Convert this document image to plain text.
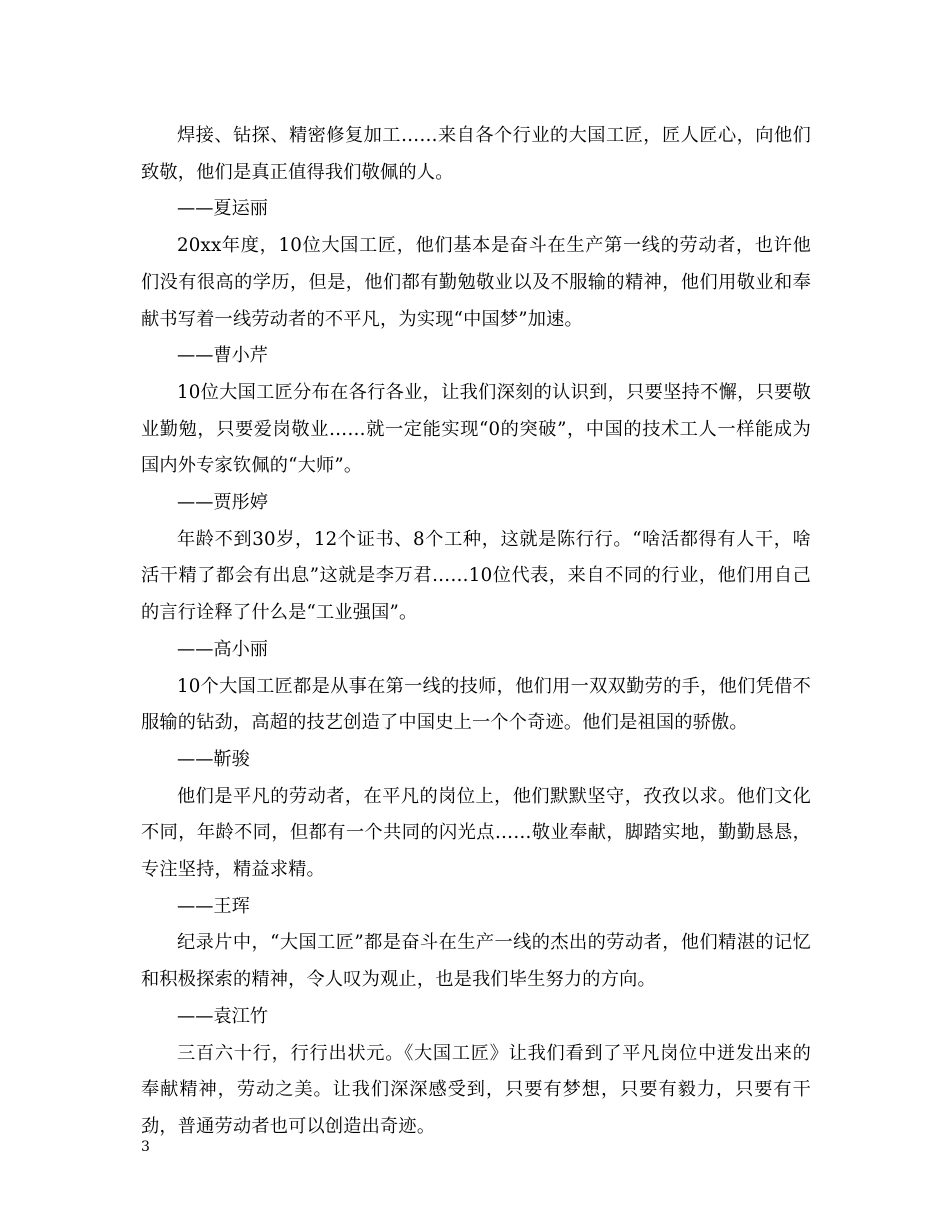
焊接、钻探、精密修复加工……来自各个行业的大国工匠，匠人匠心，向他们致敬，他们是真正值得我们敬佩的人。

——夏运丽

20xx年度，10位大国工匠，他们基本是奋斗在生产第一线的劳动者，也许他们没有很高的学历，但是，他们都有勤勉敬业以及不服输的精神，他们用敬业和奉献书写着一线劳动者的不平凡，为实现“中国梦”加速。

——曹小芹

10位大国工匠分布在各行各业，让我们深刻的认识到，只要坚持不懈，只要敬业勤勉，只要爱岗敬业……就一定能实现“0的突破”，中国的技术工人一样能成为国内外专家钦佩的“大师”。

——贾彤婷

年龄不到30岁，12个证书、8个工种，这就是陈行行。“啥活都得有人干，啥活干精了都会有出息”这就是李万君……10位代表，来自不同的行业，他们用自己的言行诠释了什么是“工业强国”。

——高小丽

10个大国工匠都是从事在第一线的技师，他们用一双双勤劳的手，他们凭借不服输的钻劲，高超的技艺创造了中国史上一个个奇迹。他们是祖国的骄傲。

——靳骏

他们是平凡的劳动者，在平凡的岗位上，他们默默坚守，孜孜以求。他们文化不同，年龄不同，但都有一个共同的闪光点……敬业奉献，脚踏实地，勤勤恳恳，专注坚持，精益求精。

——王珲

纪录片中，“大国工匠”都是奋斗在生产一线的杰出的劳动者，他们精湛的记忆和积极探索的精神，令人叹为观止，也是我们毕生努力的方向。

——袁江竹

三百六十行，行行出状元。《大国工匠》让我们看到了平凡岗位中迸发出来的奉献精神，劳动之美。让我们深深感受到，只要有梦想，只要有毅力，只要有干劲，普通劳动者也可以创造出奇迹。

3
